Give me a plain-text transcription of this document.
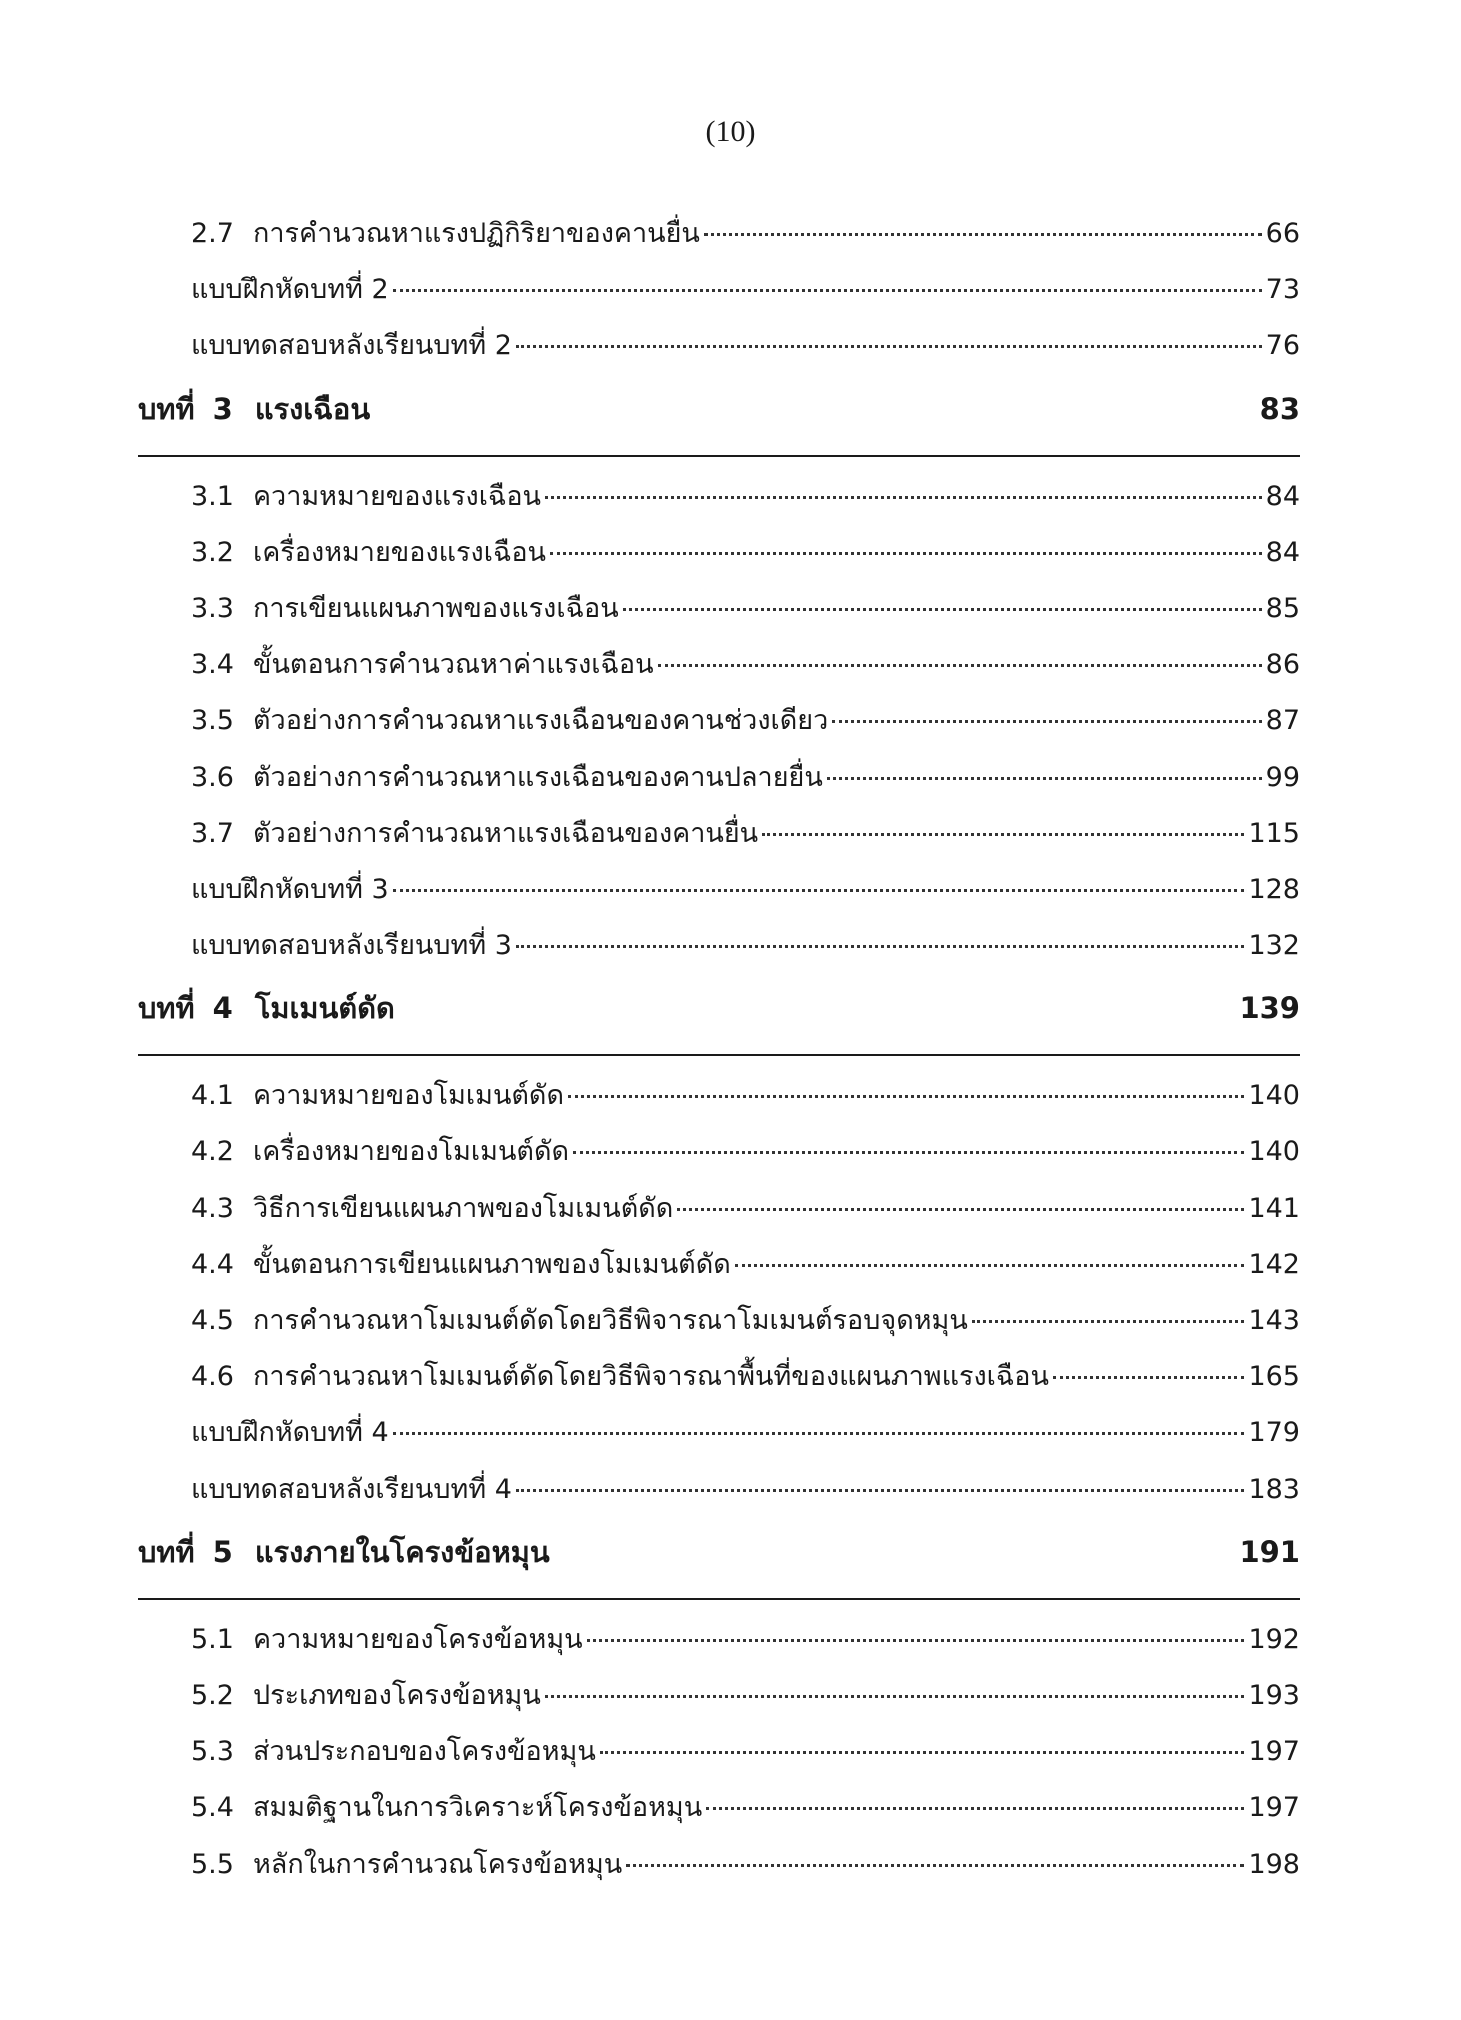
(10)
2.7 การคำนวณหาแรงปฏิกิริยาของคานยื่น	66
แบบฝึกหัดบทที่ 2	73
แบบทดสอบหลังเรียนบทที่ 2	76
บทที่ 3 แรงเฉือน	83
3.1 ความหมายของแรงเฉือน	84
3.2 เครื่องหมายของแรงเฉือน	84
3.3 การเขียนแผนภาพของแรงเฉือน	85
3.4 ขั้นตอนการคำนวณหาค่าแรงเฉือน	86
3.5 ตัวอย่างการคำนวณหาแรงเฉือนของคานช่วงเดียว	87
3.6 ตัวอย่างการคำนวณหาแรงเฉือนของคานปลายยื่น	99
3.7 ตัวอย่างการคำนวณหาแรงเฉือนของคานยื่น	115
แบบฝึกหัดบทที่ 3	128
แบบทดสอบหลังเรียนบทที่ 3	132
บทที่ 4 โมเมนต์ดัด	139
4.1 ความหมายของโมเมนต์ดัด	140
4.2 เครื่องหมายของโมเมนต์ดัด	140
4.3 วิธีการเขียนแผนภาพของโมเมนต์ดัด	141
4.4 ขั้นตอนการเขียนแผนภาพของโมเมนต์ดัด	142
4.5 การคำนวณหาโมเมนต์ดัดโดยวิธีพิจารณาโมเมนต์รอบจุดหมุน	143
4.6 การคำนวณหาโมเมนต์ดัดโดยวิธีพิจารณาพื้นที่ของแผนภาพแรงเฉือน	165
แบบฝึกหัดบทที่ 4	179
แบบทดสอบหลังเรียนบทที่ 4	183
บทที่ 5 แรงภายในโครงข้อหมุน	191
5.1 ความหมายของโครงข้อหมุน	192
5.2 ประเภทของโครงข้อหมุน	193
5.3 ส่วนประกอบของโครงข้อหมุน	197
5.4 สมมติฐานในการวิเคราะห์โครงข้อหมุน	197
5.5 หลักในการคำนวณโครงข้อหมุน	198
